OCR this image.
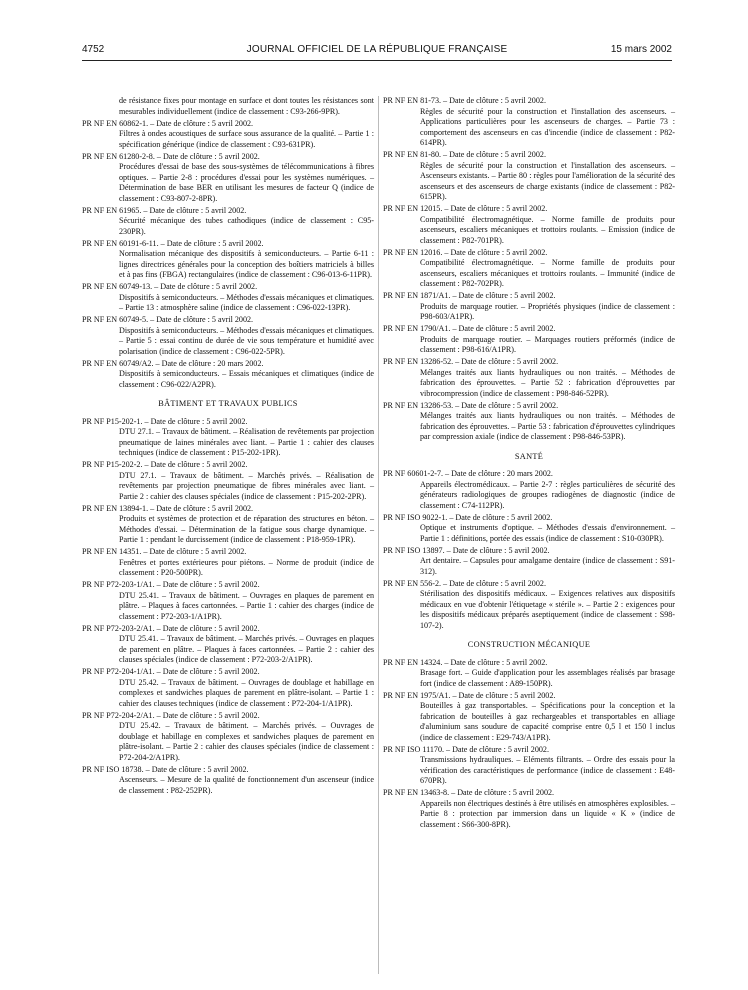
4752	JOURNAL OFFICIEL DE LA RÉPUBLIQUE FRANÇAISE	15 mars 2002
de résistance fixes pour montage en surface et dont toutes les résistances sont mesurables individuellement (indice de classement : C93-266-9PR).
PR NF EN 60862-1. – Date de clôture : 5 avril 2002.
Filtres à ondes acoustiques de surface sous assurance de la qualité. – Partie 1 : spécification générique (indice de classement : C93-631PR).
PR NF EN 61280-2-8. – Date de clôture : 5 avril 2002.
Procédures d'essai de base des sous-systèmes de télécommunications à fibres optiques. – Partie 2-8 : procédures d'essai pour les systèmes numériques. – Détermination de base BER en utilisant les mesures de facteur Q (indice de classement : C93-807-2-8PR).
PR NF EN 61965. – Date de clôture : 5 avril 2002.
Sécurité mécanique des tubes cathodiques (indice de classement : C95-230PR).
PR NF EN 60191-6-11. – Date de clôture : 5 avril 2002.
Normalisation mécanique des dispositifs à semiconducteurs. – Partie 6-11 : lignes directrices générales pour la conception des boîtiers matriciels à billes et à pas fins (FBGA) rectangulaires (indice de classement : C96-013-6-11PR).
PR NF EN 60749-13. – Date de clôture : 5 avril 2002.
Dispositifs à semiconducteurs. – Méthodes d'essais mécaniques et climatiques. – Partie 13 : atmosphère saline (indice de classement : C96-022-13PR).
PR NF EN 60749-5. – Date de clôture : 5 avril 2002.
Dispositifs à semiconducteurs. – Méthodes d'essais mécaniques et climatiques. – Partie 5 : essai continu de durée de vie sous température et humidité avec polarisation (indice de classement : C96-022-5PR).
PR NF EN 60749/A2. – Date de clôture : 20 mars 2002.
Dispositifs à semiconducteurs. – Essais mécaniques et climatiques (indice de classement : C96-022/A2PR).
BÂTIMENT ET TRAVAUX PUBLICS
PR NF P15-202-1. – Date de clôture : 5 avril 2002.
DTU 27.1. – Travaux de bâtiment. – Réalisation de revêtements par projection pneumatique de laines minérales avec liant. – Partie 1 : cahier des clauses techniques (indice de classement : P15-202-1PR).
PR NF P15-202-2. – Date de clôture : 5 avril 2002.
DTU 27.1. – Travaux de bâtiment. – Marchés privés. – Réalisation de revêtements par projection pneumatique de fibres minérales avec liant. – Partie 2 : cahier des clauses spéciales (indice de classement : P15-202-2PR).
PR NF EN 13894-1. – Date de clôture : 5 avril 2002.
Produits et systèmes de protection et de réparation des structures en béton. – Méthodes d'essai. – Détermination de la fatigue sous charge dynamique. – Partie 1 : pendant le durcissement (indice de classement : P18-959-1PR).
PR NF EN 14351. – Date de clôture : 5 avril 2002.
Fenêtres et portes extérieures pour piétons. – Norme de produit (indice de classement : P20-500PR).
PR NF P72-203-1/A1. – Date de clôture : 5 avril 2002.
DTU 25.41. – Travaux de bâtiment. – Ouvrages en plaques de parement en plâtre. – Plaques à faces cartonnées. – Partie 1 : cahier des charges (indice de classement : P72-203-1/A1PR).
PR NF P72-203-2/A1. – Date de clôture : 5 avril 2002.
DTU 25.41. – Travaux de bâtiment. – Marchés privés. – Ouvrages en plaques de parement en plâtre. – Plaques à faces cartonnées. – Partie 2 : cahier des clauses spéciales (indice de classement : P72-203-2/A1PR).
PR NF P72-204-1/A1. – Date de clôture : 5 avril 2002.
DTU 25.42. – Travaux de bâtiment. – Ouvrages de doublage et habillage en complexes et sandwiches plaques de parement en plâtre-isolant. – Partie 1 : cahier des clauses techniques (indice de classement : P72-204-1/A1PR).
PR NF P72-204-2/A1. – Date de clôture : 5 avril 2002.
DTU 25.42. – Travaux de bâtiment. – Marchés privés. – Ouvrages de doublage et habillage en complexes et sandwiches plaques de parement en plâtre-isolant. – Partie 2 : cahier des clauses spéciales (indice de classement : P72-204-2/A1PR).
PR NF ISO 18738. – Date de clôture : 5 avril 2002.
Ascenseurs. – Mesure de la qualité de fonctionnement d'un ascenseur (indice de classement : P82-252PR).
PR NF EN 81-73. – Date de clôture : 5 avril 2002.
Règles de sécurité pour la construction et l'installation des ascenseurs. – Applications particulières pour les ascenseurs de charges. – Partie 73 : comportement des ascenseurs en cas d'incendie (indice de classement : P82-614PR).
PR NF EN 81-80. – Date de clôture : 5 avril 2002.
Règles de sécurité pour la construction et l'installation des ascenseurs. – Ascenseurs existants. – Partie 80 : règles pour l'amélioration de la sécurité des ascenseurs et des ascenseurs de charge existants (indice de classement : P82-615PR).
PR NF EN 12015. – Date de clôture : 5 avril 2002.
Compatibilité électromagnétique. – Norme famille de produits pour ascenseurs, escaliers mécaniques et trottoirs roulants. – Emission (indice de classement : P82-701PR).
PR NF EN 12016. – Date de clôture : 5 avril 2002.
Compatibilité électromagnétique. – Norme famille de produits pour ascenseurs, escaliers mécaniques et trottoirs roulants. – Immunité (indice de classement : P82-702PR).
PR NF EN 1871/A1. – Date de clôture : 5 avril 2002.
Produits de marquage routier. – Propriétés physiques (indice de classement : P98-603/A1PR).
PR NF EN 1790/A1. – Date de clôture : 5 avril 2002.
Produits de marquage routier. – Marquages routiers préformés (indice de classement : P98-616/A1PR).
PR NF EN 13286-52. – Date de clôture : 5 avril 2002.
Mélanges traités aux liants hydrauliques ou non traités. – Méthodes de fabrication des éprouvettes. – Partie 52 : fabrication d'éprouvettes par vibrocompression (indice de classement : P98-846-52PR).
PR NF EN 13286-53. – Date de clôture : 5 avril 2002.
Mélanges traités aux liants hydrauliques ou non traités. – Méthodes de fabrication des éprouvettes. – Partie 53 : fabrication d'éprouvettes cylindriques par compression axiale (indice de classement : P98-846-53PR).
SANTÉ
PR NF 60601-2-7. – Date de clôture : 20 mars 2002.
Appareils électromédicaux. – Partie 2-7 : règles particulières de sécurité des générateurs radiologiques de groupes radiogènes de diagnostic (indice de classement : C74-112PR).
PR NF ISO 9022-1. – Date de clôture : 5 avril 2002.
Optique et instruments d'optique. – Méthodes d'essais d'environnement. – Partie 1 : définitions, portée des essais (indice de classement : S10-030PR).
PR NF ISO 13897. – Date de clôture : 5 avril 2002.
Art dentaire. – Capsules pour amalgame dentaire (indice de classement : S91-312).
PR NF EN 556-2. – Date de clôture : 5 avril 2002.
Stérilisation des dispositifs médicaux. – Exigences relatives aux dispositifs médicaux en vue d'obtenir l'étiquetage « stérile ». – Partie 2 : exigences pour les dispositifs médicaux préparés aseptiquement (indice de classement : S98-107-2).
CONSTRUCTION MÉCANIQUE
PR NF EN 14324. – Date de clôture : 5 avril 2002.
Brasage fort. – Guide d'application pour les assemblages réalisés par brasage fort (indice de classement : A89-150PR).
PR NF EN 1975/A1. – Date de clôture : 5 avril 2002.
Bouteilles à gaz transportables. – Spécifications pour la conception et la fabrication de bouteilles à gaz rechargeables et transportables en alliage d'aluminium sans soudure de capacité comprise entre 0,5 l et 150 l inclus (indice de classement : E29-743/A1PR).
PR NF ISO 11170. – Date de clôture : 5 avril 2002.
Transmissions hydrauliques. – Eléments filtrants. – Ordre des essais pour la vérification des caractéristiques de performance (indice de classement : E48-670PR).
PR NF EN 13463-8. – Date de clôture : 5 avril 2002.
Appareils non électriques destinés à être utilisés en atmosphères explosibles. – Partie 8 : protection par immersion dans un liquide « K » (indice de classement : S66-300-8PR).
